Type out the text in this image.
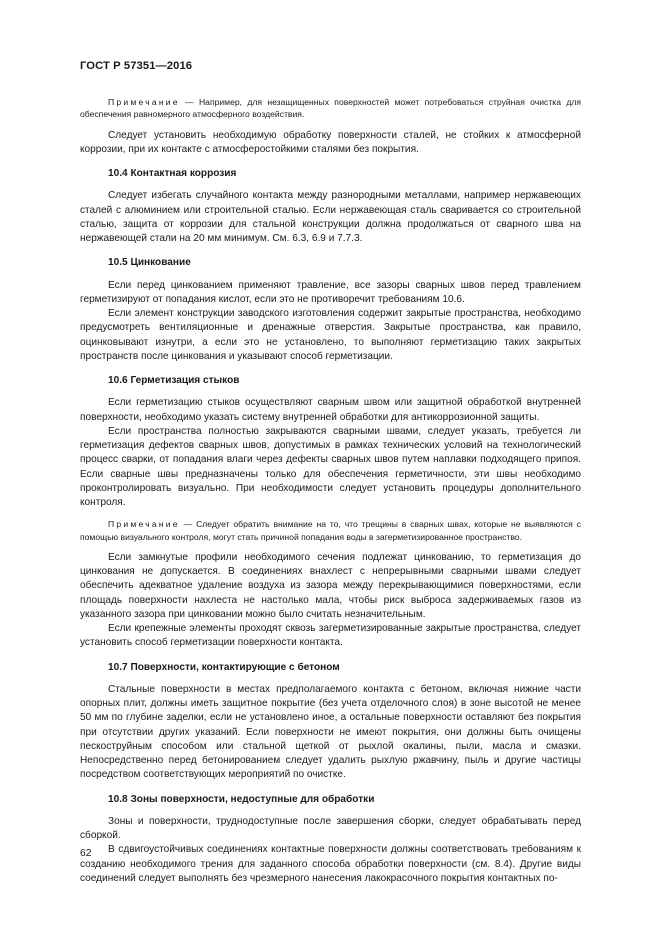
ГОСТ Р 57351—2016

Примечание — Например, для незащищенных поверхностей может потребоваться струйная очистка для обеспечения равномерного атмосферного воздействия.

Следует установить необходимую обработку поверхности сталей, не стойких к атмосферной коррозии, при их контакте с атмосферостойкими сталями без покрытия.

10.4 Контактная коррозия

Следует избегать случайного контакта между разнородными металлами, например нержавеющих сталей с алюминием или строительной сталью. Если нержавеющая сталь сваривается со строительной сталью, защита от коррозии для стальной конструкции должна продолжаться от сварного шва на нержавеющей стали на 20 мм минимум. См. 6.3, 6.9 и 7.7.3.

10.5 Цинкование

Если перед цинкованием применяют травление, все зазоры сварных швов перед травлением герметизируют от попадания кислот, если это не противоречит требованиям 10.6.

Если элемент конструкции заводского изготовления содержит закрытые пространства, необходимо предусмотреть вентиляционные и дренажные отверстия. Закрытые пространства, как правило, оцинковывают изнутри, а если это не установлено, то выполняют герметизацию таких закрытых пространств после цинкования и указывают способ герметизации.

10.6 Герметизация стыков

Если герметизацию стыков осуществляют сварным швом или защитной обработкой внутренней поверхности, необходимо указать систему внутренней обработки для антикоррозионной защиты.

Если пространства полностью закрываются сварными швами, следует указать, требуется ли герметизация дефектов сварных швов, допустимых в рамках технических условий на технологический процесс сварки, от попадания влаги через дефекты сварных швов путем наплавки подходящего припоя. Если сварные швы предназначены только для обеспечения герметичности, эти швы необходимо проконтролировать визуально. При необходимости следует установить процедуры дополнительного контроля.

Примечание — Следует обратить внимание на то, что трещины в сварных швах, которые не выявляются с помощью визуального контроля, могут стать причиной попадания воды в загерметизированное пространство.

Если замкнутые профили необходимого сечения подлежат цинкованию, то герметизация до цинкования не допускается. В соединениях внахлест с непрерывными сварными швами следует обеспечить адекватное удаление воздуха из зазора между перекрывающимися поверхностями, если площадь поверхности нахлеста не настолько мала, чтобы риск выброса задерживаемых газов из указанного зазора при цинковании можно было считать незначительным.

Если крепежные элементы проходят сквозь загерметизированные закрытые пространства, следует установить способ герметизации поверхности контакта.

10.7 Поверхности, контактирующие с бетоном

Стальные поверхности в местах предполагаемого контакта с бетоном, включая нижние части опорных плит, должны иметь защитное покрытие (без учета отделочного слоя) в зоне высотой не менее 50 мм по глубине заделки, если не установлено иное, а остальные поверхности оставляют без покрытия при отсутствии других указаний. Если поверхности не имеют покрытия, они должны быть очищены пескоструйным способом или стальной щеткой от рыхлой окалины, пыли, масла и смазки. Непосредственно перед бетонированием следует удалить рыхлую ржавчину, пыль и другие частицы посредством соответствующих мероприятий по очистке.

10.8 Зоны поверхности, недоступные для обработки

Зоны и поверхности, труднодоступные после завершения сборки, следует обрабатывать перед сборкой.

В сдвигоустойчивых соединениях контактные поверхности должны соответствовать требованиям к созданию необходимого трения для заданного способа обработки поверхности (см. 8.4). Другие виды соединений следует выполнять без чрезмерного нанесения лакокрасочного покрытия контактных по-

62
